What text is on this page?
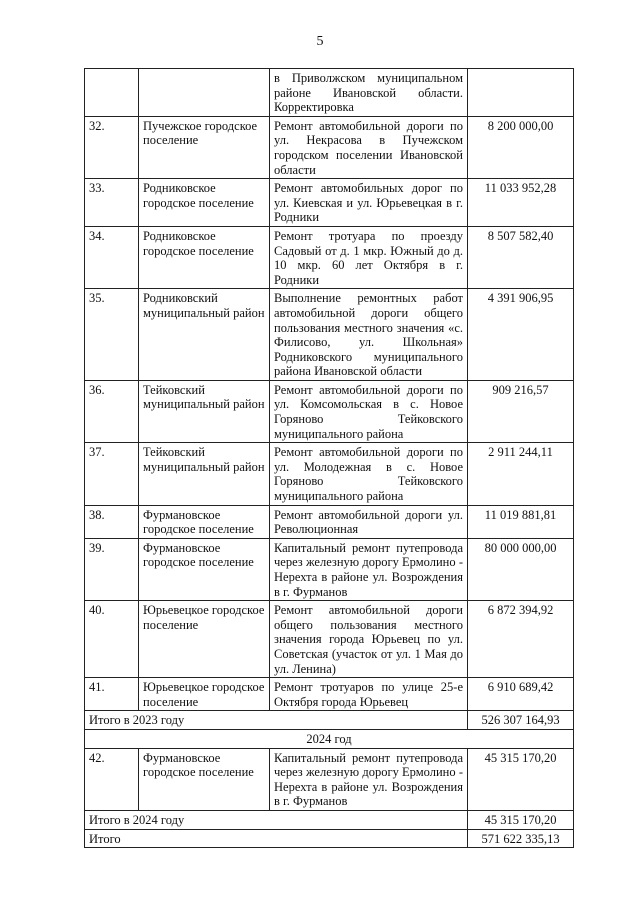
5
		в Приволжском муниципальном районе Ивановской области. Корректировка	
32.	Пучежское городское поселение	Ремонт автомобильной дороги по ул. Некрасова в Пучежском городском поселении Ивановской области	8 200 000,00
33.	Родниковское городское поселение	Ремонт автомобильных дорог по ул. Киевская и ул. Юрьевецкая в г. Родники	11 033 952,28
34.	Родниковское городское поселение	Ремонт тротуара по проезду Садовый от д. 1 мкр. Южный до д. 10 мкр. 60 лет Октября в г. Родники	8 507 582,40
35.	Родниковский муниципальный район	Выполнение ремонтных работ автомобильной дороги общего пользования местного значения «с. Филисово, ул. Школьная» Родниковского муниципального района Ивановской области	4 391 906,95
36.	Тейковский муниципальный район	Ремонт автомобильной дороги по ул. Комсомольская в с. Новое Горяново Тейковского муниципального района	909 216,57
37.	Тейковский муниципальный район	Ремонт автомобильной дороги по ул. Молодежная в с. Новое Горяново Тейковского муниципального района	2 911 244,11
38.	Фурмановское городское поселение	Ремонт автомобильной дороги ул. Революционная	11 019 881,81
39.	Фурмановское городское поселение	Капитальный ремонт путепровода через железную дорогу Ермолино - Нерехта в районе ул. Возрождения в г. Фурманов	80 000 000,00
40.	Юрьевецкое городское поселение	Ремонт автомобильной дороги общего пользования местного значения города Юрьевец по ул. Советская (участок от ул. 1 Мая до ул. Ленина)	6 872 394,92
41.	Юрьевецкое городское поселение	Ремонт тротуаров по улице 25-е Октября города Юрьевец	6 910 689,42
Итого в 2023 году			526 307 164,93
2024 год			
42.	Фурмановское городское поселение	Капитальный ремонт путепровода через железную дорогу Ермолино - Нерехта в районе ул. Возрождения в г. Фурманов	45 315 170,20
Итого в 2024 году			45 315 170,20
Итого			571 622 335,13
